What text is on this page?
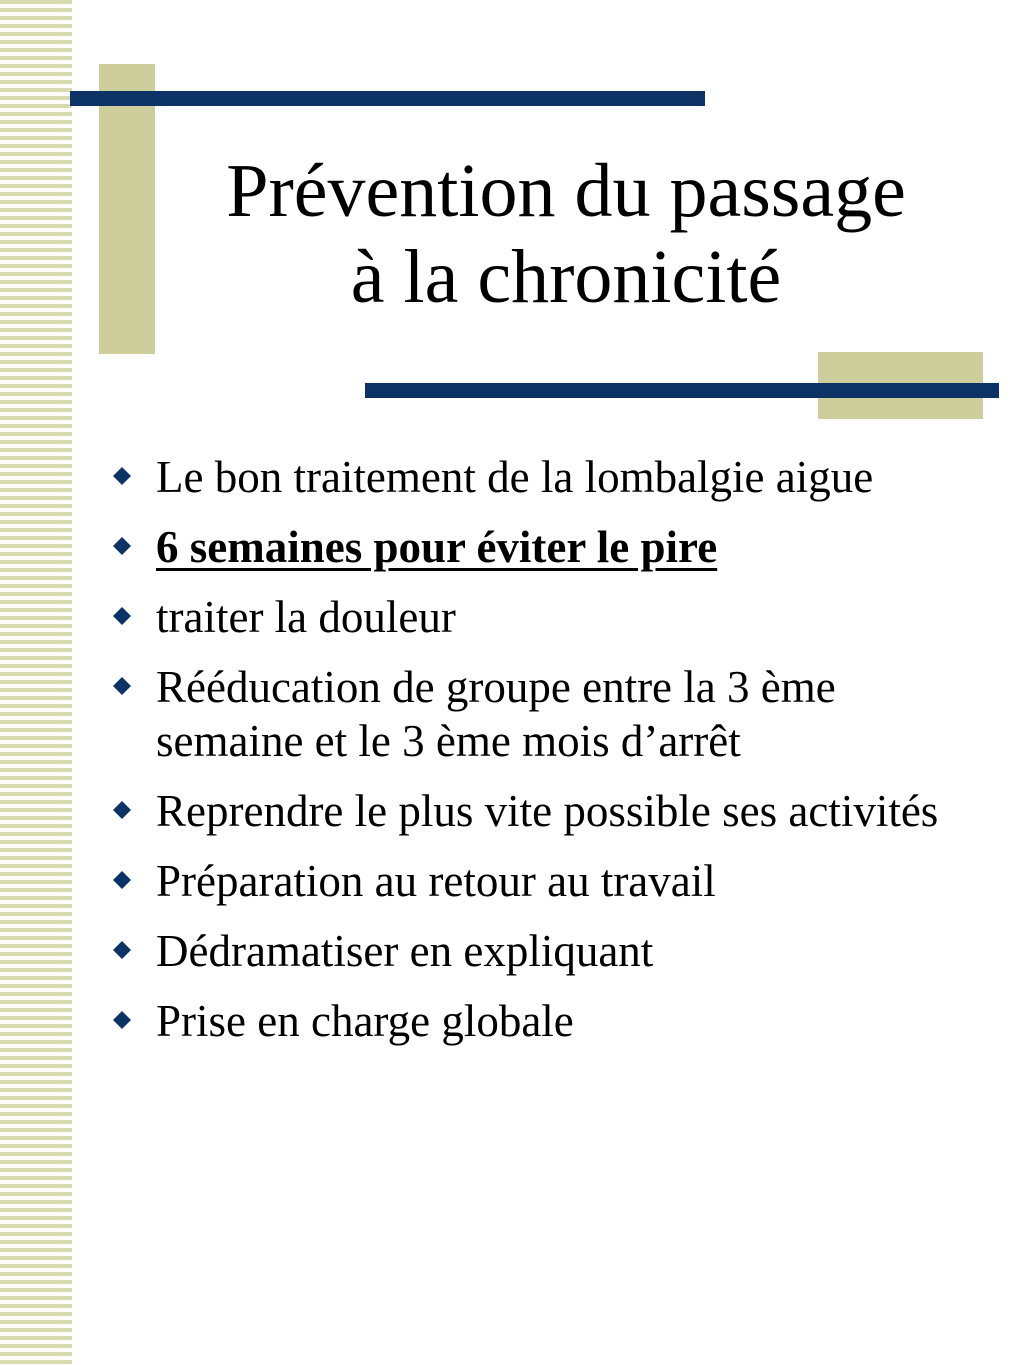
Prévention du passage
à la chronicité
Le bon traitement de la lombalgie aigue
6 semaines pour éviter le pire
traiter la douleur
Rééducation de groupe entre la 3 ème semaine et le 3 ème mois d’arrêt
Reprendre le plus vite possible ses activités
Préparation au retour au travail
Dédramatiser en expliquant
Prise en charge globale
